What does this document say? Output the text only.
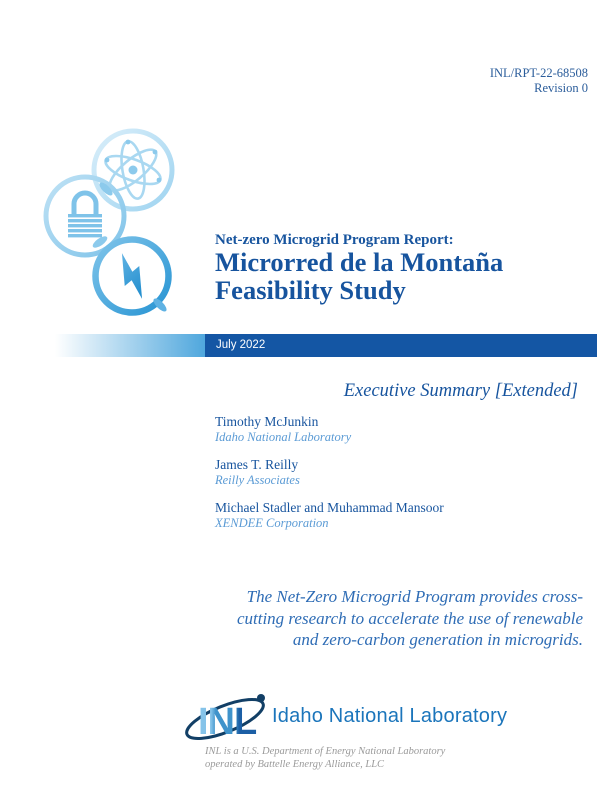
INL/RPT-22-68508
Revision 0
Net-zero Microgrid Program Report:
Microrred de la Montaña
Feasibility Study
July 2022
Executive Summary [Extended]
Timothy McJunkin
Idaho National Laboratory
James T. Reilly
Reilly Associates
Michael Stadler and Muhammad Mansoor
XENDEE Corporation
The Net-Zero Microgrid Program provides cross-cutting research to accelerate the use of renewable and zero-carbon generation in microgrids.
INL Idaho National Laboratory
INL is a U.S. Department of Energy National Laboratory
operated by Battelle Energy Alliance, LLC
